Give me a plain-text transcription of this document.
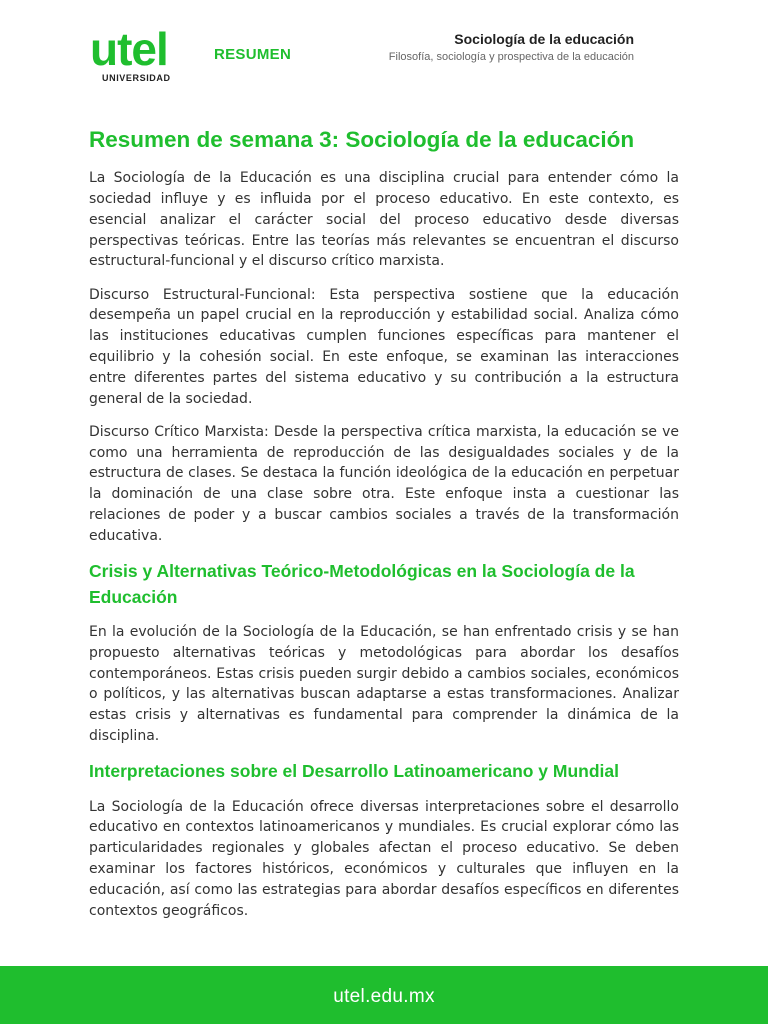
utel
UNIVERSIDAD
RESUMEN
Sociología de la educación
Filosofía, sociología y prospectiva de la educación
Resumen de semana 3: Sociología de la educación

La Sociología de la Educación es una disciplina crucial para entender cómo la sociedad influye y es influida por el proceso educativo. En este contexto, es esencial analizar el carácter social del proceso educativo desde diversas perspectivas teóricas. Entre las teorías más relevantes se encuentran el discurso estructural-funcional y el discurso crítico marxista.

Discurso Estructural-Funcional: Esta perspectiva sostiene que la educación desempeña un papel crucial en la reproducción y estabilidad social. Analiza cómo las instituciones educativas cumplen funciones específicas para mantener el equilibrio y la cohesión social. En este enfoque, se examinan las interacciones entre diferentes partes del sistema educativo y su contribución a la estructura general de la sociedad.

Discurso Crítico Marxista: Desde la perspectiva crítica marxista, la educación se ve como una herramienta de reproducción de las desigualdades sociales y de la estructura de clases. Se destaca la función ideológica de la educación en perpetuar la dominación de una clase sobre otra. Este enfoque insta a cuestionar las relaciones de poder y a buscar cambios sociales a través de la transformación educativa.

Crisis y Alternativas Teórico-Metodológicas en la Sociología de la Educación

En la evolución de la Sociología de la Educación, se han enfrentado crisis y se han propuesto alternativas teóricas y metodológicas para abordar los desafíos contemporáneos. Estas crisis pueden surgir debido a cambios sociales, económicos o políticos, y las alternativas buscan adaptarse a estas transformaciones. Analizar estas crisis y alternativas es fundamental para comprender la dinámica de la disciplina.

Interpretaciones sobre el Desarrollo Latinoamericano y Mundial

La Sociología de la Educación ofrece diversas interpretaciones sobre el desarrollo educativo en contextos latinoamericanos y mundiales. Es crucial explorar cómo las particularidades regionales y globales afectan el proceso educativo. Se deben examinar los factores históricos, económicos y culturales que influyen en la educación, así como las estrategias para abordar desafíos específicos en diferentes contextos geográficos.

utel.edu.mx
